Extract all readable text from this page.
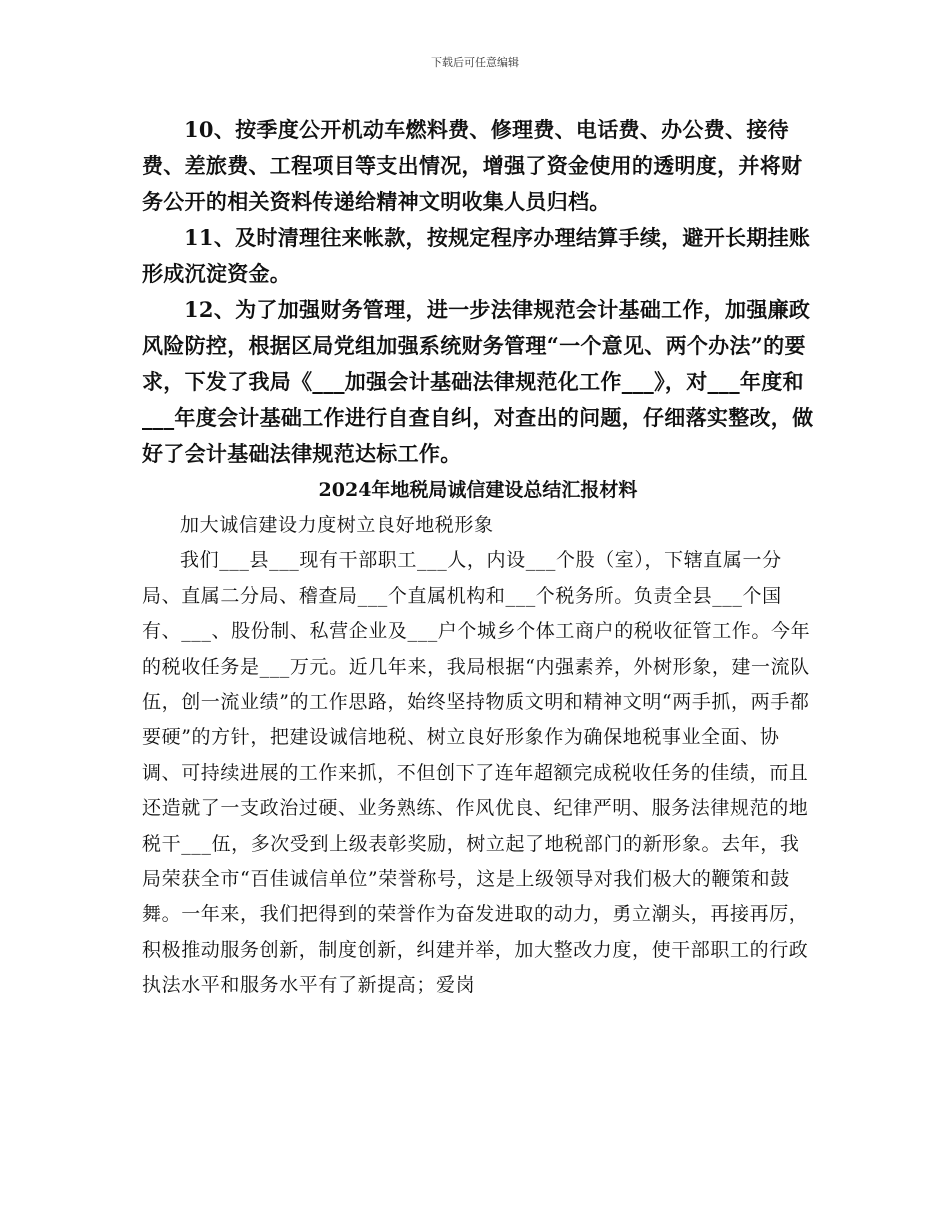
下载后可任意编辑

10、按季度公开机动车燃料费、修理费、电话费、办公费、接待费、差旅费、工程项目等支出情况，增强了资金使用的透明度，并将财务公开的相关资料传递给精神文明收集人员归档。

11、及时清理往来帐款，按规定程序办理结算手续，避开长期挂账形成沉淀资金。

12、为了加强财务管理，进一步法律规范会计基础工作，加强廉政风险防控，根据区局党组加强系统财务管理“一个意见、两个办法”的要求，下发了我局《___加强会计基础法律规范化工作___》，对___年度和___年度会计基础工作进行自查自纠，对查出的问题，仔细落实整改，做好了会计基础法律规范达标工作。

2024年地税局诚信建设总结汇报材料

加大诚信建设力度树立良好地税形象

我们___县___现有干部职工___人，内设___个股（室），下辖直属一分局、直属二分局、稽查局___个直属机构和___个税务所。负责全县___个国有、___、股份制、私营企业及___户个城乡个体工商户的税收征管工作。今年的税收任务是___万元。近几年来，我局根据“内强素养，外树形象，建一流队伍，创一流业绩”的工作思路，始终坚持物质文明和精神文明“两手抓，两手都要硬”的方针，把建设诚信地税、树立良好形象作为确保地税事业全面、协调、可持续进展的工作来抓，不但创下了连年超额完成税收任务的佳绩，而且还造就了一支政治过硬、业务熟练、作风优良、纪律严明、服务法律规范的地税干___伍，多次受到上级表彰奖励，树立起了地税部门的新形象。去年，我局荣获全市“百佳诚信单位”荣誉称号，这是上级领导对我们极大的鞭策和鼓舞。一年来，我们把得到的荣誉作为奋发进取的动力，勇立潮头，再接再厉，积极推动服务创新，制度创新，纠建并举，加大整改力度，使干部职工的行政执法水平和服务水平有了新提高；爱岗
